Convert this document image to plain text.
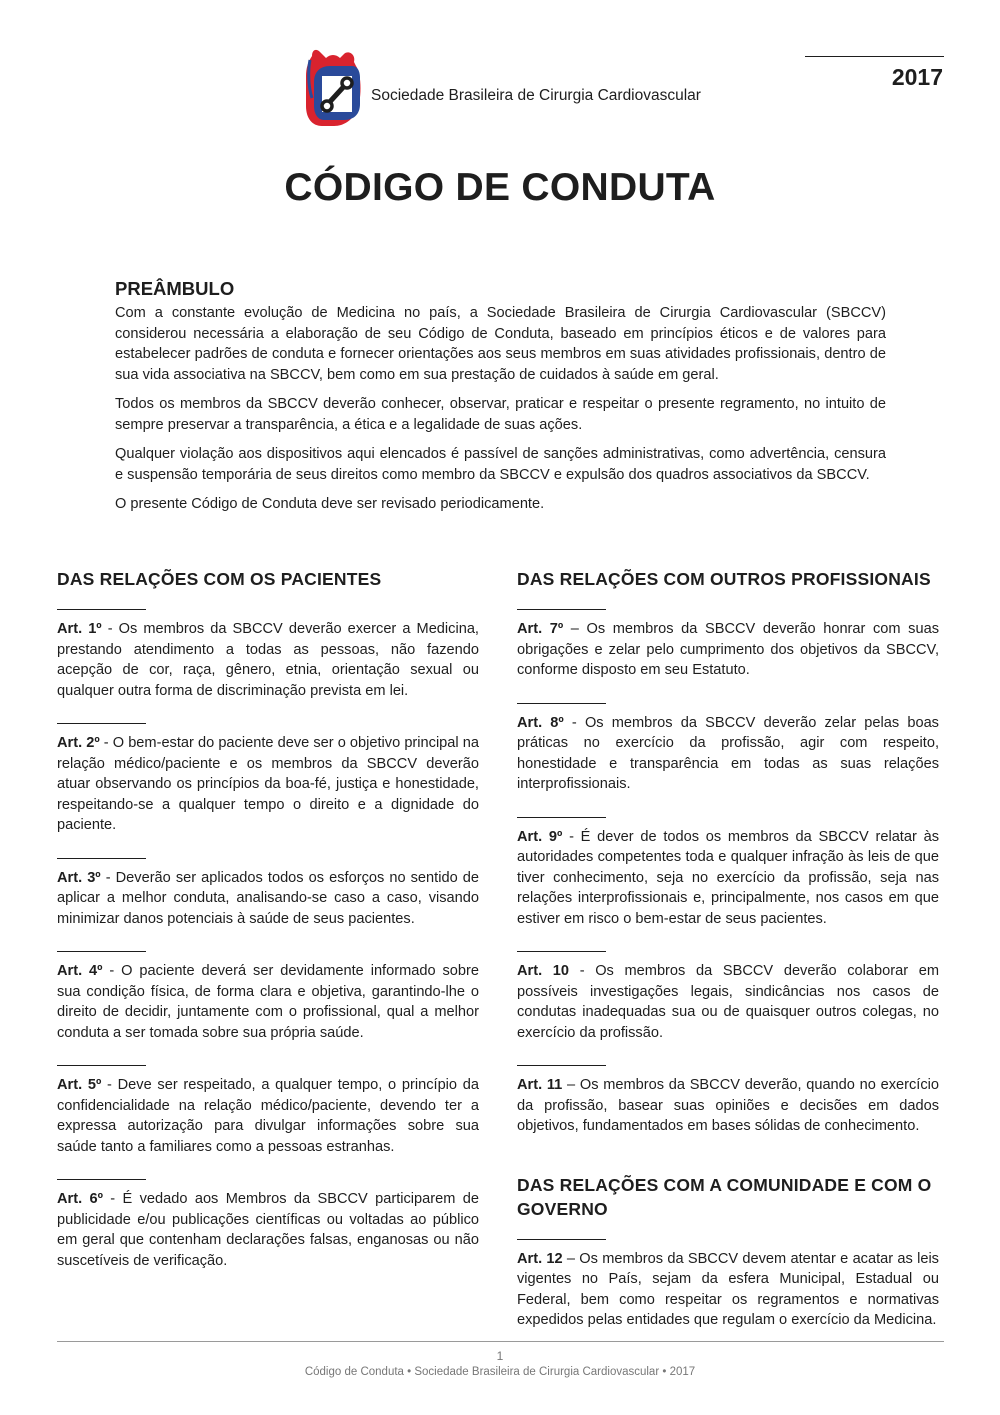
Sociedade Brasileira de Cirurgia Cardiovascular
2017
CÓDIGO DE CONDUTA
PREÂMBULO

Com a constante evolução de Medicina no país, a Sociedade Brasileira de Cirurgia Cardiovascular (SBCCV) considerou necessária a elaboração de seu Código de Conduta, baseado em princípios éticos e de valores para estabelecer padrões de conduta e fornecer orientações aos seus membros em suas atividades profissionais, dentro de sua vida associativa na SBCCV, bem como em sua prestação de cuidados à saúde em geral.

Todos os membros da SBCCV deverão conhecer, observar, praticar e respeitar o presente regramento, no intuito de sempre preservar a transparência, a ética e a legalidade de suas ações.

Qualquer violação aos dispositivos aqui elencados é passível de sanções administrativas, como advertência, censura e suspensão temporária de seus direitos como membro da SBCCV e expulsão dos quadros associativos da SBCCV.

O presente Código de Conduta deve ser revisado periodicamente.

DAS RELAÇÕES COM OS PACIENTES

Art. 1º - Os membros da SBCCV deverão exercer a Medicina, prestando atendimento a todas as pessoas, não fazendo acepção de cor, raça, gênero, etnia, orientação sexual ou qualquer outra forma de discriminação prevista em lei.

Art. 2º - O bem-estar do paciente deve ser o objetivo principal na relação médico/paciente e os membros da SBCCV deverão atuar observando os princípios da boa-fé, justiça e honestidade, respeitando-se a qualquer tempo o direito e a dignidade do paciente.

Art. 3º - Deverão ser aplicados todos os esforços no sentido de aplicar a melhor conduta, analisando-se caso a caso, visando minimizar danos potenciais à saúde de seus pacientes.

Art. 4º - O paciente deverá ser devidamente informado sobre sua condição física, de forma clara e objetiva, garantindo-lhe o direito de decidir, juntamente com o profissional, qual a melhor conduta a ser tomada sobre sua própria saúde.

Art. 5º - Deve ser respeitado, a qualquer tempo, o princípio da confidencialidade na relação médico/paciente, devendo ter a expressa autorização para divulgar informações sobre sua saúde tanto a familiares como a pessoas estranhas.

Art. 6º - É vedado aos Membros da SBCCV participarem de publicidade e/ou publicações científicas ou voltadas ao público em geral que contenham declarações falsas, enganosas ou não suscetíveis de verificação.

DAS RELAÇÕES COM OUTROS PROFISSIONAIS

Art. 7º – Os membros da SBCCV deverão honrar com suas obrigações e zelar pelo cumprimento dos objetivos da SBCCV, conforme disposto em seu Estatuto.

Art. 8º - Os membros da SBCCV deverão zelar pelas boas práticas no exercício da profissão, agir com respeito, honestidade e transparência em todas as suas relações interprofissionais.

Art. 9º - É dever de todos os membros da SBCCV relatar às autoridades competentes toda e qualquer infração às leis de que tiver conhecimento, seja no exercício da profissão, seja nas relações interprofissionais e, principalmente, nos casos em que estiver em risco o bem-estar de seus pacientes.

Art. 10 - Os membros da SBCCV deverão colaborar em possíveis investigações legais, sindicâncias nos casos de condutas inadequadas sua ou de quaisquer outros colegas, no exercício da profissão.

Art. 11 – Os membros da SBCCV deverão, quando no exercício da profissão, basear suas opiniões e decisões em dados objetivos, fundamentados em bases sólidas de conhecimento.

DAS RELAÇÕES COM A COMUNIDADE E COM O GOVERNO

Art. 12 – Os membros da SBCCV devem atentar e acatar as leis vigentes no País, sejam da esfera Municipal, Estadual ou Federal, bem como respeitar os regramentos e normativas expedidos pelas entidades que regulam o exercício da Medicina.

1
Código de Conduta • Sociedade Brasileira de Cirurgia Cardiovascular • 2017
